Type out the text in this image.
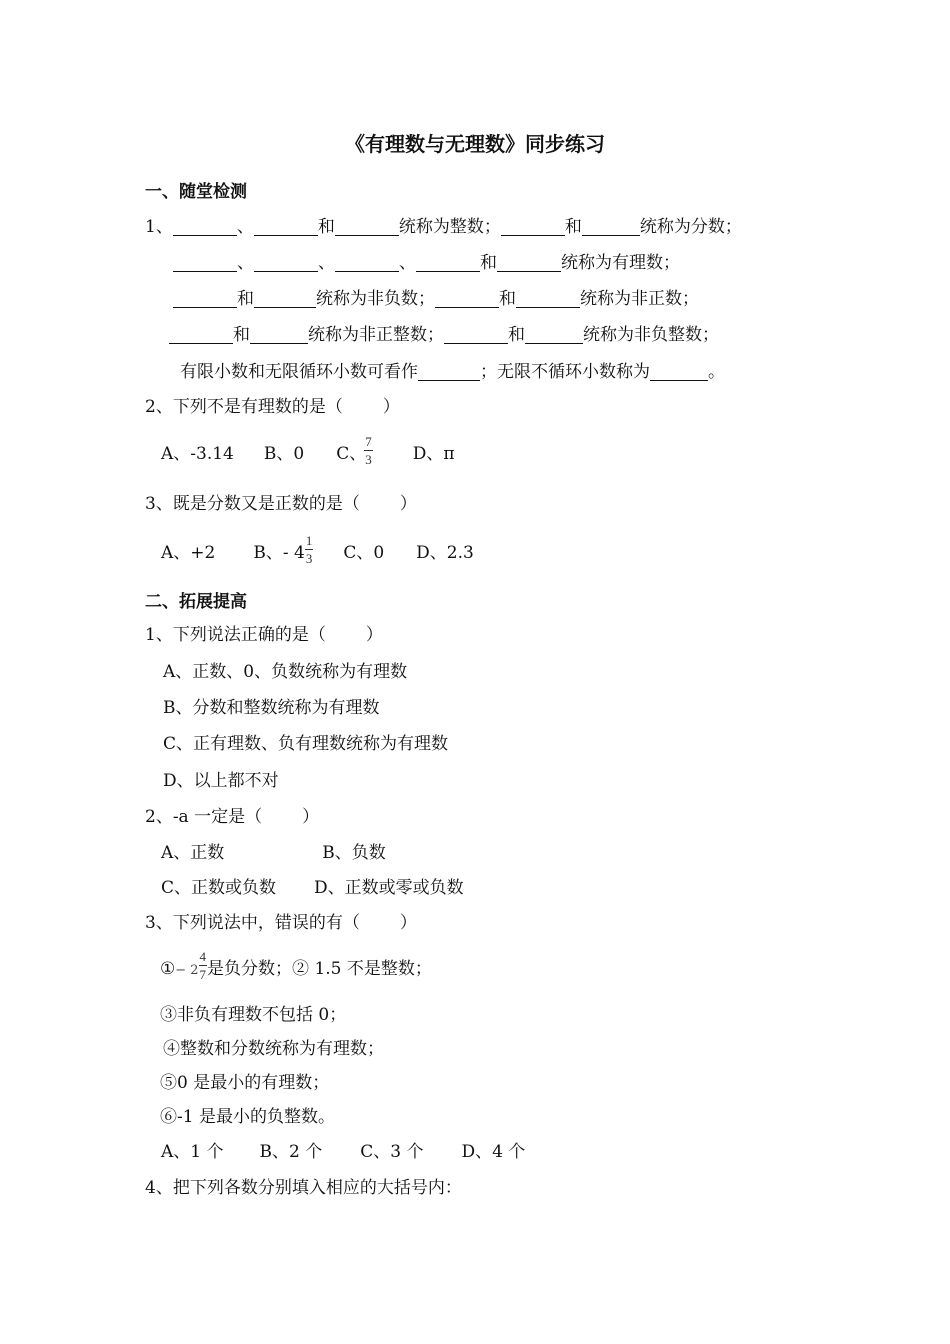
《有理数与无理数》同步练习
一、随堂检测
1、	、	和	统称为整数；	和	统称为分数；
、	、	、	和	统称为有理数；
和	统称为非负数；	和	统称为非正数；
和	统称为非正整数；	和	统称为非负整数；
有限小数和无限循环小数可看作	；无限不循环小数称为	。
2、下列不是有理数的是（ ）
A、-3.14 B、0 C、
$\frac{7}{3}$ D、π
3、既是分数又是正数的是（ ）
A、+2 B、- $4 \frac{1}{3}$ C、0 D、2.3
二、拓展提高
1、下列说法正确的是（ ）
A、正数、0、负数统称为有理数
B、分数和整数统称为有理数
C、正有理数、负有理数统称为有理数
D、以上都不对
2、-a 一定是（ ）
A、正数	B、负数
C、正数或负数 D、正数或零或负数
3、下列说法中，错误的有（ ）
①− $2 \frac{4}{7}$ 是负分数；② 1.5 不是整数；
③非负有理数不包括 0；
④整数和分数统称为有理数；
⑤0 是最小的有理数；
⑥-1 是最小的负整数。
A、1 个 B、2 个 C、3 个 D、4 个
4、把下列各数分别填入相应的大括号内：
